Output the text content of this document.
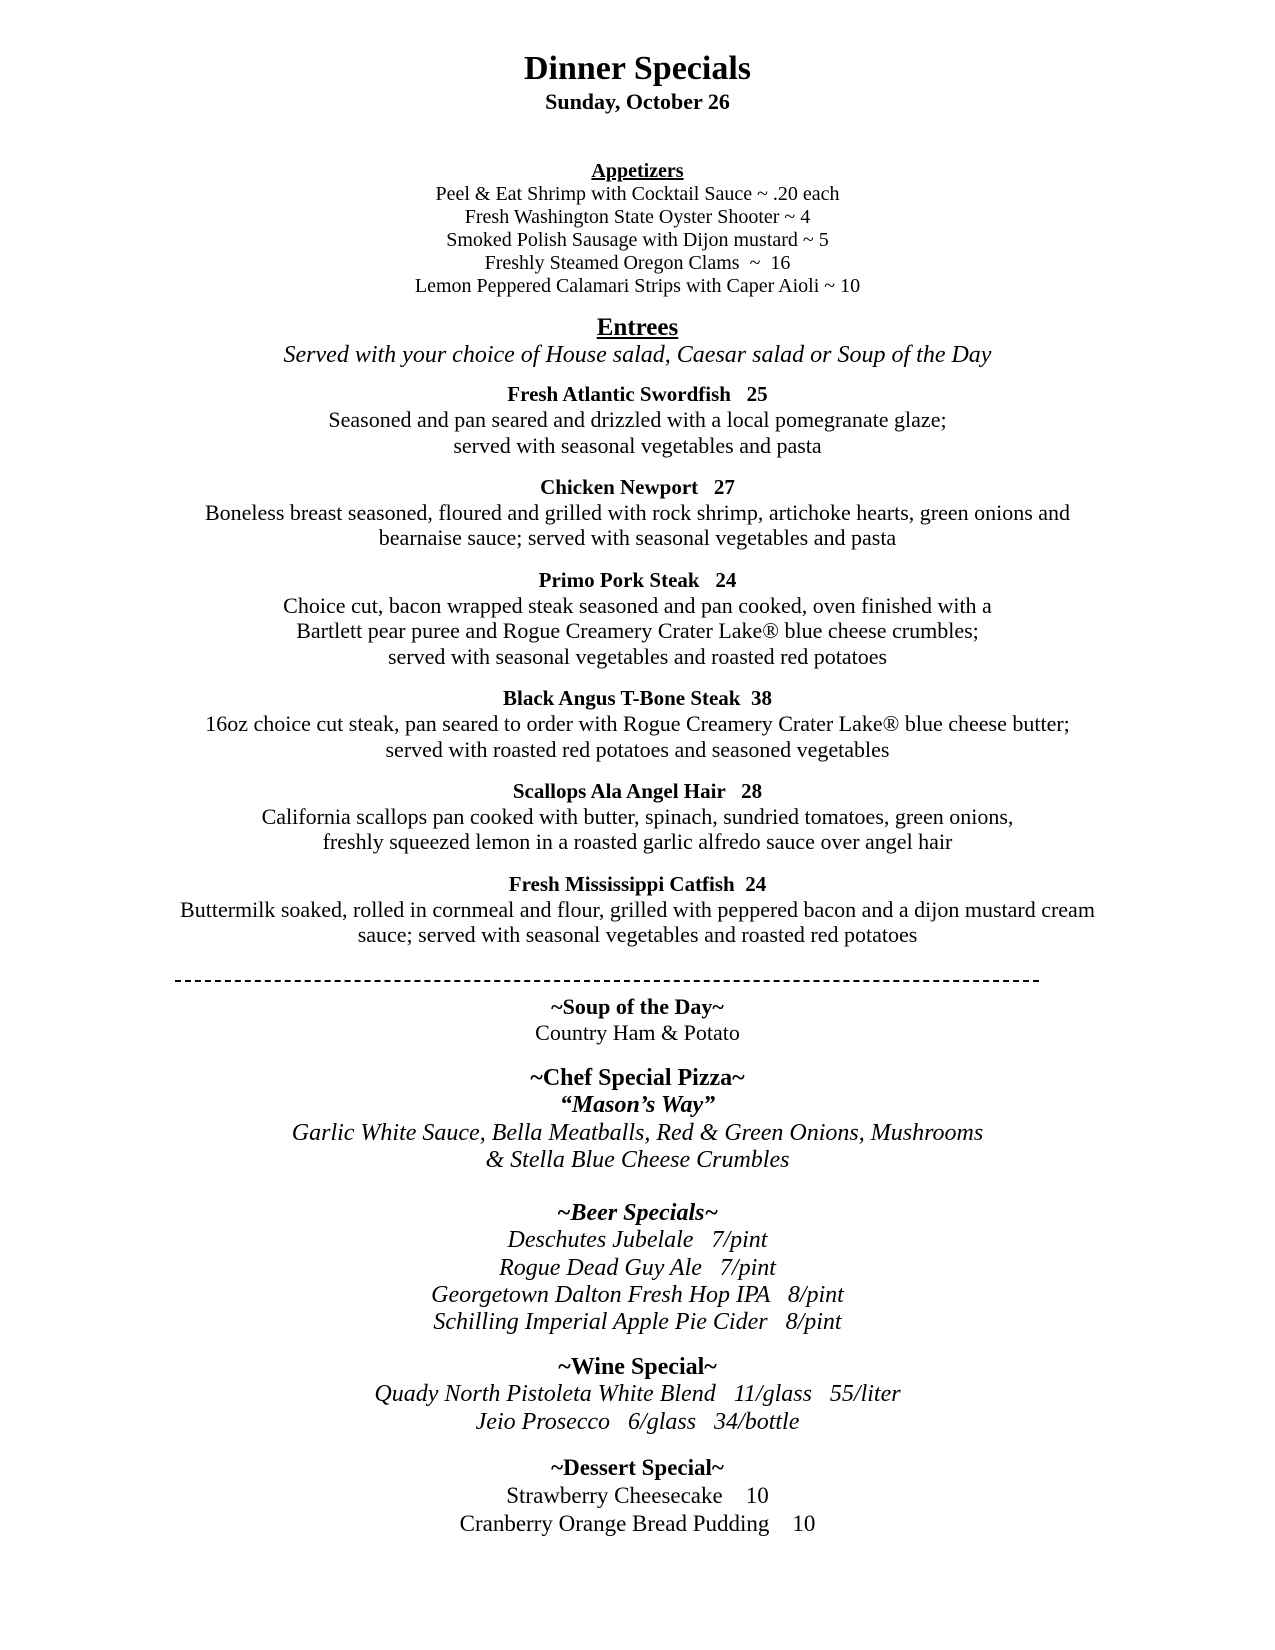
Dinner Specials
Sunday, October 26
Appetizers
Peel & Eat Shrimp with Cocktail Sauce ~ .20 each
Fresh Washington State Oyster Shooter ~ 4
Smoked Polish Sausage with Dijon mustard ~ 5
Freshly Steamed Oregon Clams  ~  16
Lemon Peppered Calamari Strips with Caper Aioli ~ 10
Entrees
Served with your choice of House salad, Caesar salad or Soup of the Day
Fresh Atlantic Swordfish   25
Seasoned and pan seared and drizzled with a local pomegranate glaze;
served with seasonal vegetables and pasta
Chicken Newport   27
Boneless breast seasoned, floured and grilled with rock shrimp, artichoke hearts, green onions and
bearnaise sauce; served with seasonal vegetables and pasta
Primo Pork Steak   24
Choice cut, bacon wrapped steak seasoned and pan cooked, oven finished with a
Bartlett pear puree and Rogue Creamery Crater Lake® blue cheese crumbles;
served with seasonal vegetables and roasted red potatoes
Black Angus T-Bone Steak  38
16oz choice cut steak, pan seared to order with Rogue Creamery Crater Lake® blue cheese butter;
served with roasted red potatoes and seasoned vegetables
Scallops Ala Angel Hair   28
California scallops pan cooked with butter, spinach, sundried tomatoes, green onions,
freshly squeezed lemon in a roasted garlic alfredo sauce over angel hair
Fresh Mississippi Catfish  24
Buttermilk soaked, rolled in cornmeal and flour, grilled with peppered bacon and a dijon mustard cream
sauce; served with seasonal vegetables and roasted red potatoes
~Soup of the Day~
Country Ham & Potato
~Chef Special Pizza~
“Mason’s Way”
Garlic White Sauce, Bella Meatballs, Red & Green Onions, Mushrooms
& Stella Blue Cheese Crumbles
~Beer Specials~
Deschutes Jubelale   7/pint
Rogue Dead Guy Ale   7/pint
Georgetown Dalton Fresh Hop IPA   8/pint
Schilling Imperial Apple Pie Cider   8/pint
~Wine Special~
Quady North Pistoleta White Blend   11/glass   55/liter
Jeio Prosecco   6/glass   34/bottle
~Dessert Special~
Strawberry Cheesecake    10
Cranberry Orange Bread Pudding    10
